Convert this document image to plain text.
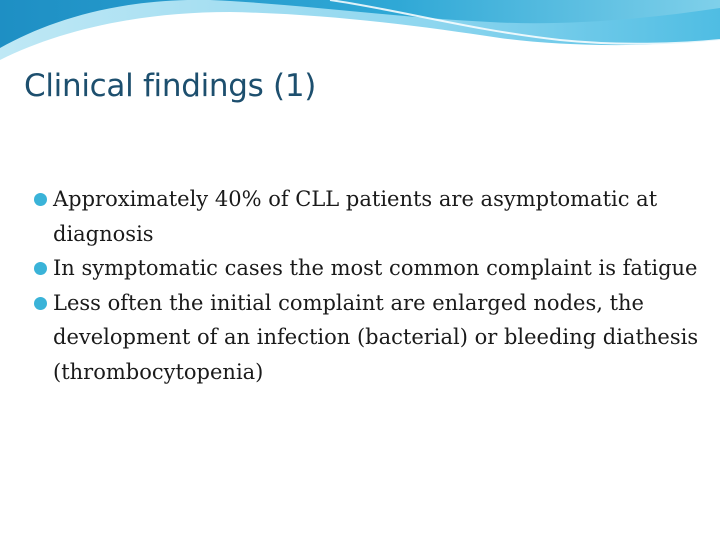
Clinical findings (1)
Approximately 40% of CLL patients are asymptomatic at diagnosis
In symptomatic cases the most common complaint is fatigue
Less often the initial complaint are enlarged nodes, the development of an infection (bacterial) or bleeding diathesis (thrombocytopenia)
